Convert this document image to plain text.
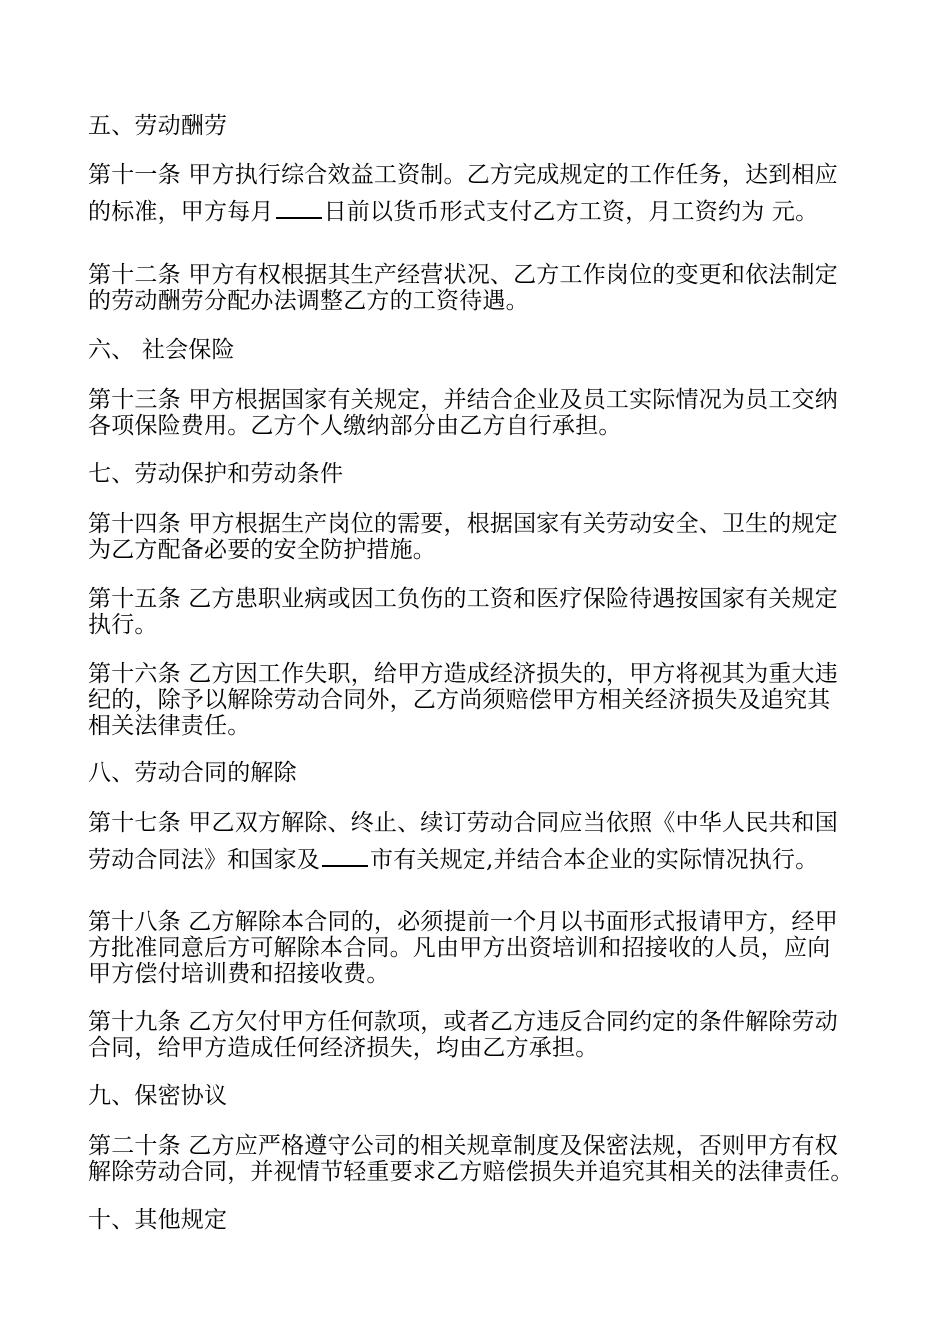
五、劳动酬劳
第十一条 甲方执行综合效益工资制。乙方完成规定的工作任务，达到相应
的标准，甲方每月 日前以货币形式支付乙方工资，月工资约为 元。
第十二条 甲方有权根据其生产经营状况、乙方工作岗位的变更和依法制定
的劳动酬劳分配办法调整乙方的工资待遇。
六、 社会保险
第十三条 甲方根据国家有关规定，并结合企业及员工实际情况为员工交纳
各项保险费用。乙方个人缴纳部分由乙方自行承担。
七、劳动保护和劳动条件
第十四条 甲方根据生产岗位的需要，根据国家有关劳动安全、卫生的规定
为乙方配备必要的安全防护措施。
第十五条 乙方患职业病或因工负伤的工资和医疗保险待遇按国家有关规定
执行。
第十六条 乙方因工作失职，给甲方造成经济损失的，甲方将视其为重大违
纪的，除予以解除劳动合同外，乙方尚须赔偿甲方相关经济损失及追究其
相关法律责任。
八、劳动合同的解除
第十七条 甲乙双方解除、终止、续订劳动合同应当依照《中华人民共和国
劳动合同法》和国家及 市有关规定,并结合本企业的实际情况执行。
第十八条 乙方解除本合同的，必须提前一个月以书面形式报请甲方，经甲
方批准同意后方可解除本合同。凡由甲方出资培训和招接收的人员，应向
甲方偿付培训费和招接收费。
第十九条 乙方欠付甲方任何款项，或者乙方违反合同约定的条件解除劳动
合同，给甲方造成任何经济损失，均由乙方承担。
九、保密协议
第二十条 乙方应严格遵守公司的相关规章制度及保密法规，否则甲方有权
解除劳动合同，并视情节轻重要求乙方赔偿损失并追究其相关的法律责任。
十、其他规定
